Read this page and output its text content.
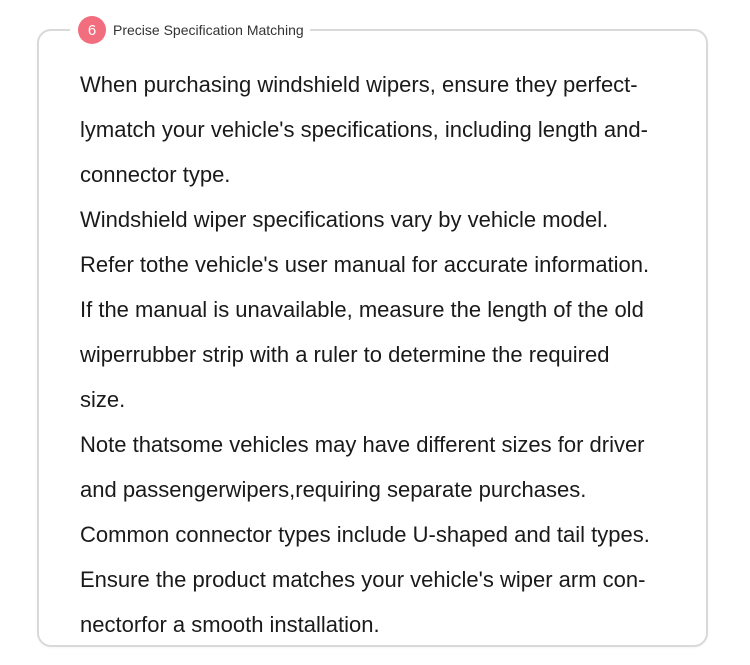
6	Precise Specification Matching
When purchasing windshield wipers, ensure they perfect-
lymatch your vehicle's specifications, including length and-
connector type.
Windshield wiper specifications vary by vehicle model.
Refer tothe vehicle's user manual for accurate information.
If the manual is unavailable, measure the length of the old
wiperrubber strip with a ruler to determine the required
size.
Note thatsome vehicles may have different sizes for driver
and passengerwipers,requiring separate purchases.
Common connector types include U-shaped and tail types.
Ensure the product matches your vehicle's wiper arm con-
nectorfor a smooth installation.
